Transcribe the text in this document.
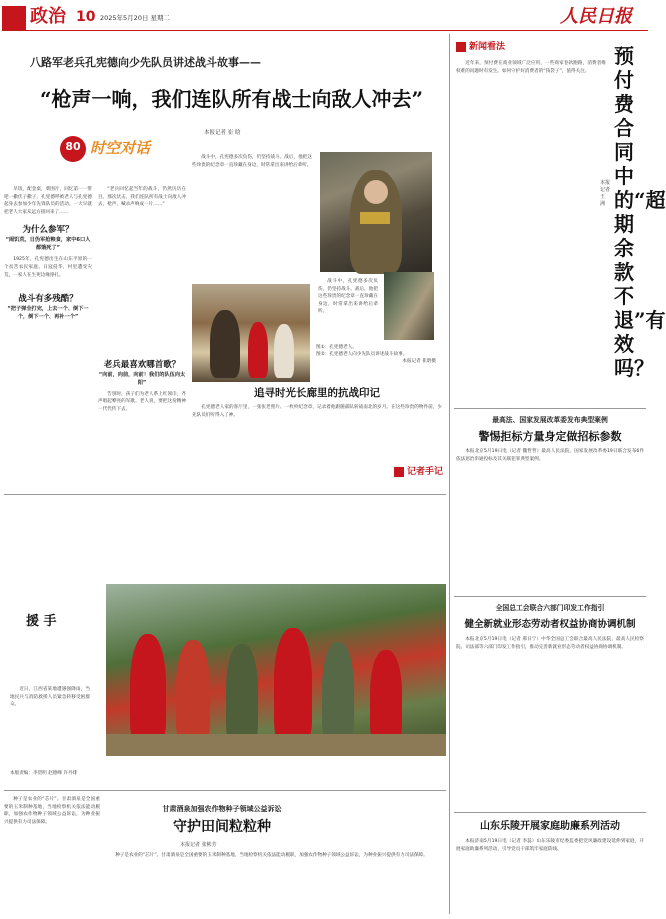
政治 10 2025年5月20日 星期二	人民日报
八路军老兵孔宪德向少先队员讲述战斗故事——
“枪声一响，我们连队所有战士向敌人冲去”
80 时空对话
本报记者 崔 晗

早饭，配金桌，菜围片，回忆第一一带吧一撒伏子撒子，孔宪德呼被老人与孔宪德起身去参加少年先锋队员的活动。一大早就把老人大家从远方接回来了……

为什么参军？
“闹饥荒，日伪军抢粮食，家中6口人都饿死了”

1925年，孔宪德出生在山东平原的一个贫苦农民家庭。日寇侵华，村里遭受灾荒，一家人在生死边缘挣扎。

战斗有多残酷？
“把子弹全打完，上去一个、倒下一个，倒下一个、再补一个”

“老兵回忆起当年的战斗，仍然历历在目。那次伏击，我们连队所有战士向敌人冲去，枪声、喊杀声响成一片……”

老兵最喜欢哪首歌？
“向前，向前，向前！我们的队伍向太阳”

告别时，孩子们为老人系上红领巾，齐声唱起嘹亮的军歌。老人说，要把这份精神一代代传下去。

战斗中，孔宪德多次负伤，仍坚持战斗。战后，他把这些珍贵的纪念章一直珍藏在身边，时常拿出来讲给后辈听。

战斗中，孔宪德多次负伤，仍坚持战斗。战后，他把这些珍贵的纪念章一直珍藏在身边，时常拿出来讲给后辈听。

图①：孔宪德老人。
图②：孔宪德老人向少先队员讲述战斗故事。
本报记者 崔晗摄
追寻时光长廊里的抗战印记

孔宪德老人家的客厅里，一张张老照片、一枚枚纪念章，记录着他跟随部队转战南北的岁月。在这些珍贵的物件前，少先队员们听得入了神。

记者手记
新闻看法

近年来，预付费在商业领域广泛应用，一些商家卷款跑路，消费者维权难的问题时有发生。如何守护好消费者的“钱袋子”，值得关注。

预付费合同中的“超期余款不退”有效吗？
本报记者 王 洲
最高法、国家发展改革委发布典型案例
警惕拒标方量身定做招标参数

本报北京5月19日电（记者 魏哲哲）最高人民法院、国家发展改革委19日联合发布6件依法惩治串通投标及其关联犯罪典型案例。

全国总工会联合六部门印发工作指引
健全新就业形态劳动者权益协商协调机制

本报北京5月19日电（记者 郝日宁）中华全国总工会联合最高人民法院、最高人民检察院、司法部等六部门印发工作指引，推动完善新就业形态劳动者权益协商协调机制。

山东乐陵开展家庭助廉系列活动

本报济南5月19日电（记者 李蕊）山东乐陵市纪委监委把党风廉政建设延伸到家庭，开展家庭助廉系列活动，引导党员干部筑牢家庭防线。

援 手

近日，江西省某地遭遇强降雨，当地民兵与消防救援人员紧急转移受困群众。

本版责编：李贺明 赵德峰 许丹绯
甘肃酒泉加强农作物种子领域公益诉讼
守护田间粒粒种
本报记者 张彬芳

种子是农业的“芯片”。甘肃酒泉是全国重要的玉米制种基地，当地检察机关依法能动履职，加强农作物种子领域公益诉讼，为种业振兴提供有力司法保障。

种子是农业的“芯片”。甘肃酒泉是全国重要的玉米制种基地，当地检察机关依法能动履职，加强农作物种子领域公益诉讼，为种业振兴提供有力司法保障。
